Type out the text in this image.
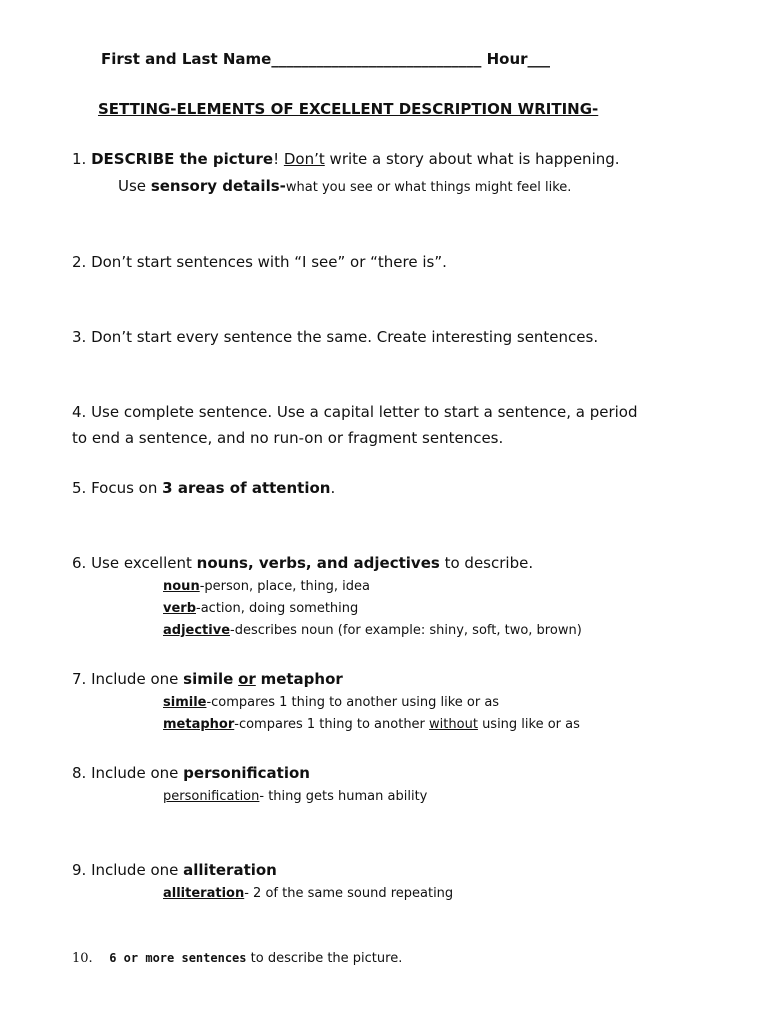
First and Last Name____________________________ Hour___
SETTING-ELEMENTS OF EXCELLENT DESCRIPTION WRITING-
1. DESCRIBE the picture! Don’t write a story about what is happening.
Use sensory details-what you see or what things might feel like.
2. Don’t start sentences with “I see” or “there is”.
3. Don’t start every sentence the same. Create interesting sentences.
4. Use complete sentence. Use a capital letter to start a sentence, a period
to end a sentence, and no run-on or fragment sentences.
5. Focus on 3 areas of attention.
6. Use excellent nouns, verbs, and adjectives to describe.
noun-person, place, thing, idea
verb-action, doing something
adjective-describes noun (for example: shiny, soft, two, brown)
7. Include one simile or metaphor
simile-compares 1 thing to another using like or as
metaphor-compares 1 thing to another without using like or as
8. Include one personification
personification- thing gets human ability
9. Include one alliteration
alliteration- 2 of the same sound repeating
10. 6 or more sentences to describe the picture.
